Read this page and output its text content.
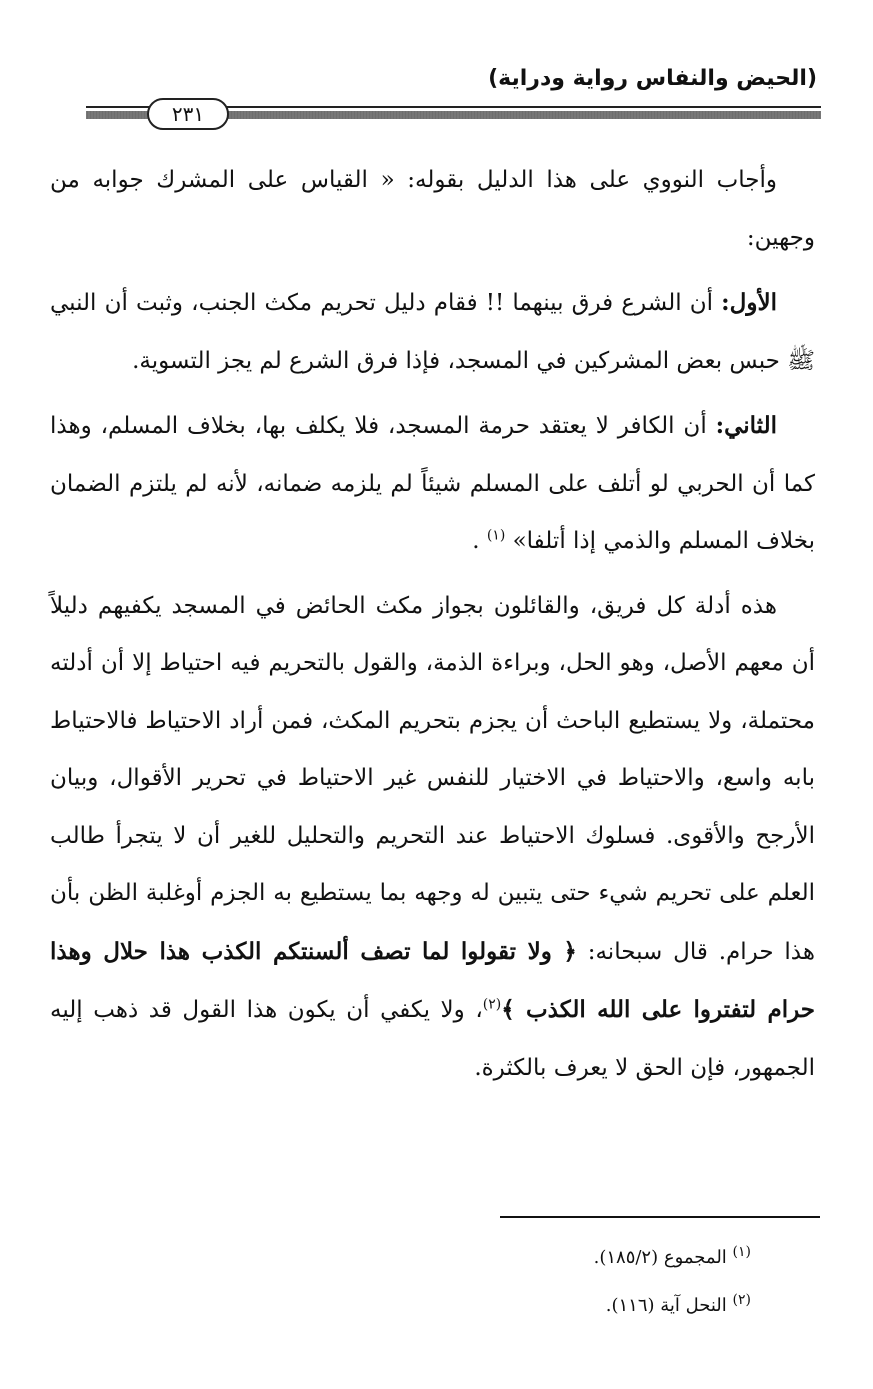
(الحيض والنفاس رواية ودراية)
٢٣١

وأجاب النووي على هذا الدليل بقوله: « القياس على المشرك جوابه من وجهين:

الأول: أن الشرع فرق بينهما !! فقام دليل تحريم مكث الجنب، وثبت أن النبي ﷺ حبس بعض المشركين في المسجد، فإذا فرق الشرع لم يجز التسوية.

الثاني: أن الكافر لا يعتقد حرمة المسجد، فلا يكلف بها، بخلاف المسلم، وهذا كما أن الحربي لو أتلف على المسلم شيئاً لم يلزمه ضمانه، لأنه لم يلتزم الضمان بخلاف المسلم والذمي إذا أتلفا» $^{(١)}$ .

هذه أدلة كل فريق، والقائلون بجواز مكث الحائض في المسجد يكفيهم دليلاً أن معهم الأصل، وهو الحل، وبراءة الذمة، والقول بالتحريم فيه احتياط إلا أن أدلته محتملة، ولا يستطيع الباحث أن يجزم بتحريم المكث، فمن أراد الاحتياط فالاحتياط بابه واسع، والاحتياط في الاختيار للنفس غير الاحتياط في تحرير الأقوال، وبيان الأرجح والأقوى. فسلوك الاحتياط عند التحريم والتحليل للغير أن لا يتجرأ طالب العلم على تحريم شيء حتى يتبين له وجهه بما يستطيع به الجزم أوغلبة الظن بأن هذا حرام. قال سبحانه: ﴿ ولا تقولوا لما تصف ألسنتكم الكذب هذا حلال وهذا حرام لتفتروا على الله الكذب ﴾$^{(٢)}$، ولا يكفي أن يكون هذا القول قد ذهب إليه الجمهور، فإن الحق لا يعرف بالكثرة.

$^{(١)}$ المجموع (١٨٥/٢).

$^{(٢)}$ النحل آية (١١٦).
